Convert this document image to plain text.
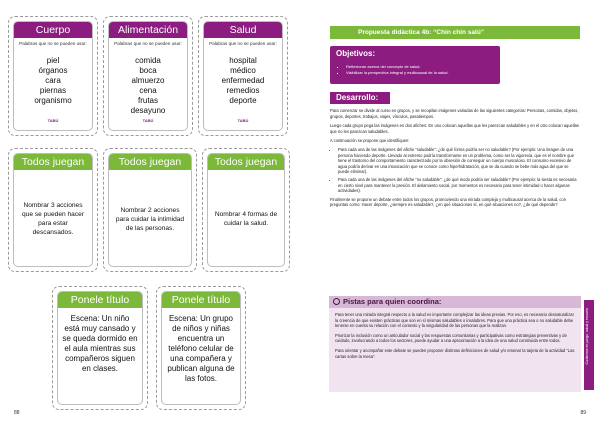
Cuerpo
Palabras que no se pueden usar:
piel
órganos
cara
piernas
organismo
TABÚ
Alimentación
Palabras que no se pueden usar:
comida
boca
almuerzo
cena
frutas
desayuno
TABÚ
Salud
Palabras que no se pueden usar:
hospital
médico
enfermedad
remedios
deporte
TABÚ
Todos juegan
Nombrar 3 acciones que se pueden hacer para estar descansados.
Todos juegan
Nombrar 2 acciones para cuidar la intimidad de las personas.
Todos juegan
Nombrar 4 formas de cuidar la salud.
Ponele título
Escena: Un niño está muy cansado y se queda dormido en el aula mientras sus compañeros siguen en clases.
Ponele título
Escena: Un grupo de niños y niñas encuentra un teléfono celular de una compañera y publican alguna de las fotos.
88
Propuesta didáctica 4b: “Chin chin salú”
Objetivos:
▪ Reflexionar acerca del concepto de salud.
▪ Visibilizar la perspectiva integral y multicausal de la salud.
Desarrollo:

Para comenzar se divide al curso en grupos, y se recopilan imágenes variadas de las siguientes categorías: Personas, comidas, objetos, grupos, deportes, trabajos, viajes, vínculos, pasatiempos.

Luego cada grupo pega las imágenes en dos afiches: En uno colocan aquellas que les parezcan saludables y en el otro colocan aquellas que no les parezcan saludables.

A continuación se propone que identifiquen:

• Para cada una de las imágenes del afiche “saludable”: ¿de qué forma podría ser no saludable? (Por ejemplo: Una imagen de una persona haciendo deporte. Llevado al extremo podría transformarse en un problema, como ser la vigorexia, que es el nombre que tiene el trastorno del comportamiento caracterizado por la obsesión de conseguir un cuerpo musculoso. El consumo excesivo de agua podría derivar en una intoxicación que se conoce como hiperhidratación, que se da cuando se bebe más agua del que se puede eliminar).
• Para cada una de las imágenes del afiche “no saludable”: ¿de qué modo podría ser saludable? (Por ejemplo: la siesta es necesaria en cierto nivel para mantener la presión. El aislamiento social, por momentos es necesario para tener intimidad o hacer algunas actividades).

Finalmente se propone un debate entre todos los grupos, promoviendo una mirada compleja y multicausal acerca de la salud, con preguntas como: Hacer deporte, ¿siempre es saludable?, ¿en qué situaciones sí, en qué situaciones no?, ¿de qué depende?

Pistas para quien coordina:

Para tener una mirada integral respecto a la salud es importante complejizar las ideas previas. Por eso, es necesario desnaturalizar la creencia de que existen prácticas que son en sí mismas saludables o insalubres. Para que una práctica sea o no saludable debe tenerse en cuenta su relación con el contexto y la singularidad de las personas que la realizan.

Priorizar la inclusión como un articulador social y las respuestas comunitarias y participativas como estrategias preventivas y de cuidado, involucrando a todos los sectores, puede ayudar a una aproximación a la idea de una salud construida entre todos.

Para orientar y acompañar este debate se pueden proponer distintas definiciones de salud y/o retomar la tarjeta de la actividad “Las cartas sobre la mesa”.	Cuidarnos en juego, salud y escuela
89
